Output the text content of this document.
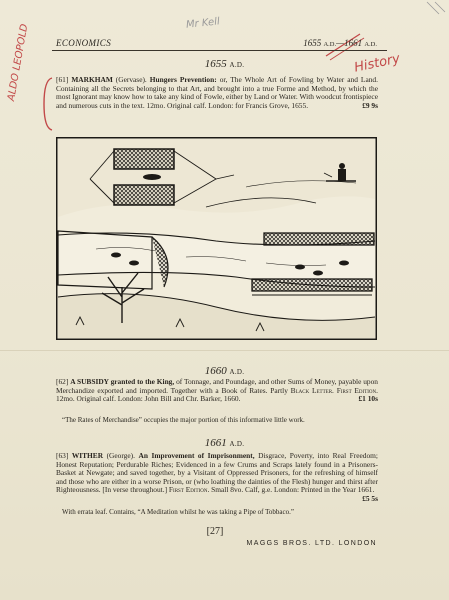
ALDO LEOPOLD	Mr Kell
History
ECONOMICS	1655 A.D.—1661 A.D.
1655 A.D.
[61] MARKHAM (Gervase). Hungers Prevention: or, The Whole Art of Fowling by Water and Land. Containing all the Secrets belonging to that Art, and brought into a true Forme and Method, by which the most Ignorant may know how to take any kind of Fowle, either by Land or Water. With woodcut frontispiece and numerous cuts in the text. 12mo. Original calf. London: for Francis Grove, 1655.	£9 9s
1660 A.D.
[62] A SUBSIDY granted to the King, of Tonnage, and Poundage, and other Sums of Money, payable upon Merchandize exported and imported. Together with a Book of Rates. Partly Black Letter. First Edition. 12mo. Original calf. London: John Bill and Chr. Barker, 1660.	£1 10s
“The Rates of Merchandise” occupies the major portion of this informative little work.
1661 A.D.
[63] WITHER (George). An Improvement of Imprisonment, Disgrace, Poverty, into Real Freedom; Honest Reputation; Perdurable Riches; Evidenced in a few Crums and Scraps lately found in a Prisoners-Basket at Newgate; and saved together, by a Visitant of Oppressed Prisoners, for the refreshing of himself and those who are either in a worse Prison, or (who loathing the dainties of the Flesh) hunger and thirst after Righteousness. [In verse throughout.] First Edition. Small 8vo. Calf, g.e. London: Printed in the Year 1661.
£5 5s
With errata leaf. Contains, “A Meditation whilst he was taking a Pipe of Tobbaco.”
[27]
MAGGS BROS. LTD. LONDON
